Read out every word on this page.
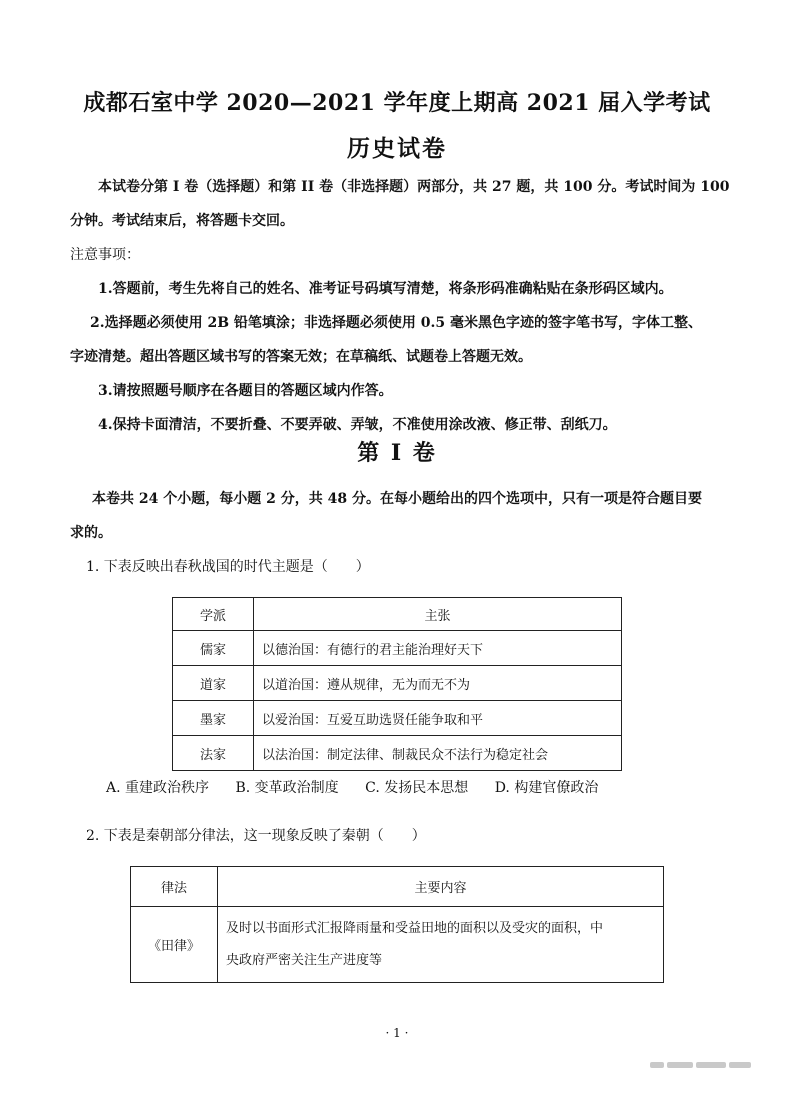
成都石室中学 2020—2021 学年度上期高 2021 届入学考试
历史试卷
本试卷分第 I 卷（选择题）和第 II 卷（非选择题）两部分，共 27 题，共 100 分。考试时间为 100
分钟。考试结束后，将答题卡交回。
注意事项：
1.答题前，考生先将自己的姓名、准考证号码填写清楚，将条形码准确粘贴在条形码区域内。
2.选择题必须使用 2B 铅笔填涂；非选择题必须使用 0.5 毫米黑色字迹的签字笔书写，字体工整、
字迹清楚。超出答题区域书写的答案无效；在草稿纸、试题卷上答题无效。
3.请按照题号顺序在各题目的答题区域内作答。
4.保持卡面清洁，不要折叠、不要弄破、弄皱，不准使用涂改液、修正带、刮纸刀。
第 I 卷
本卷共 24 个小题，每小题 2 分，共 48 分。在每小题给出的四个选项中，只有一项是符合题目要
求的。
1. 下表反映出春秋战国的时代主题是（　　）
学派	主张
儒家	以德治国：有德行的君主能治理好天下
道家	以道治国：遵从规律，无为而无不为
墨家	以爱治国：互爱互助选贤任能争取和平
法家	以法治国：制定法律、制裁民众不法行为稳定社会
A. 重建政治秩序 B. 变革政治制度 C. 发扬民本思想 D. 构建官僚政治
2. 下表是秦朝部分律法，这一现象反映了秦朝（　　）
律法	主要内容
《田律》	及时以书面形式汇报降雨量和受益田地的面积以及受灾的面积，中
央政府严密关注生产进度等
· 1 ·
